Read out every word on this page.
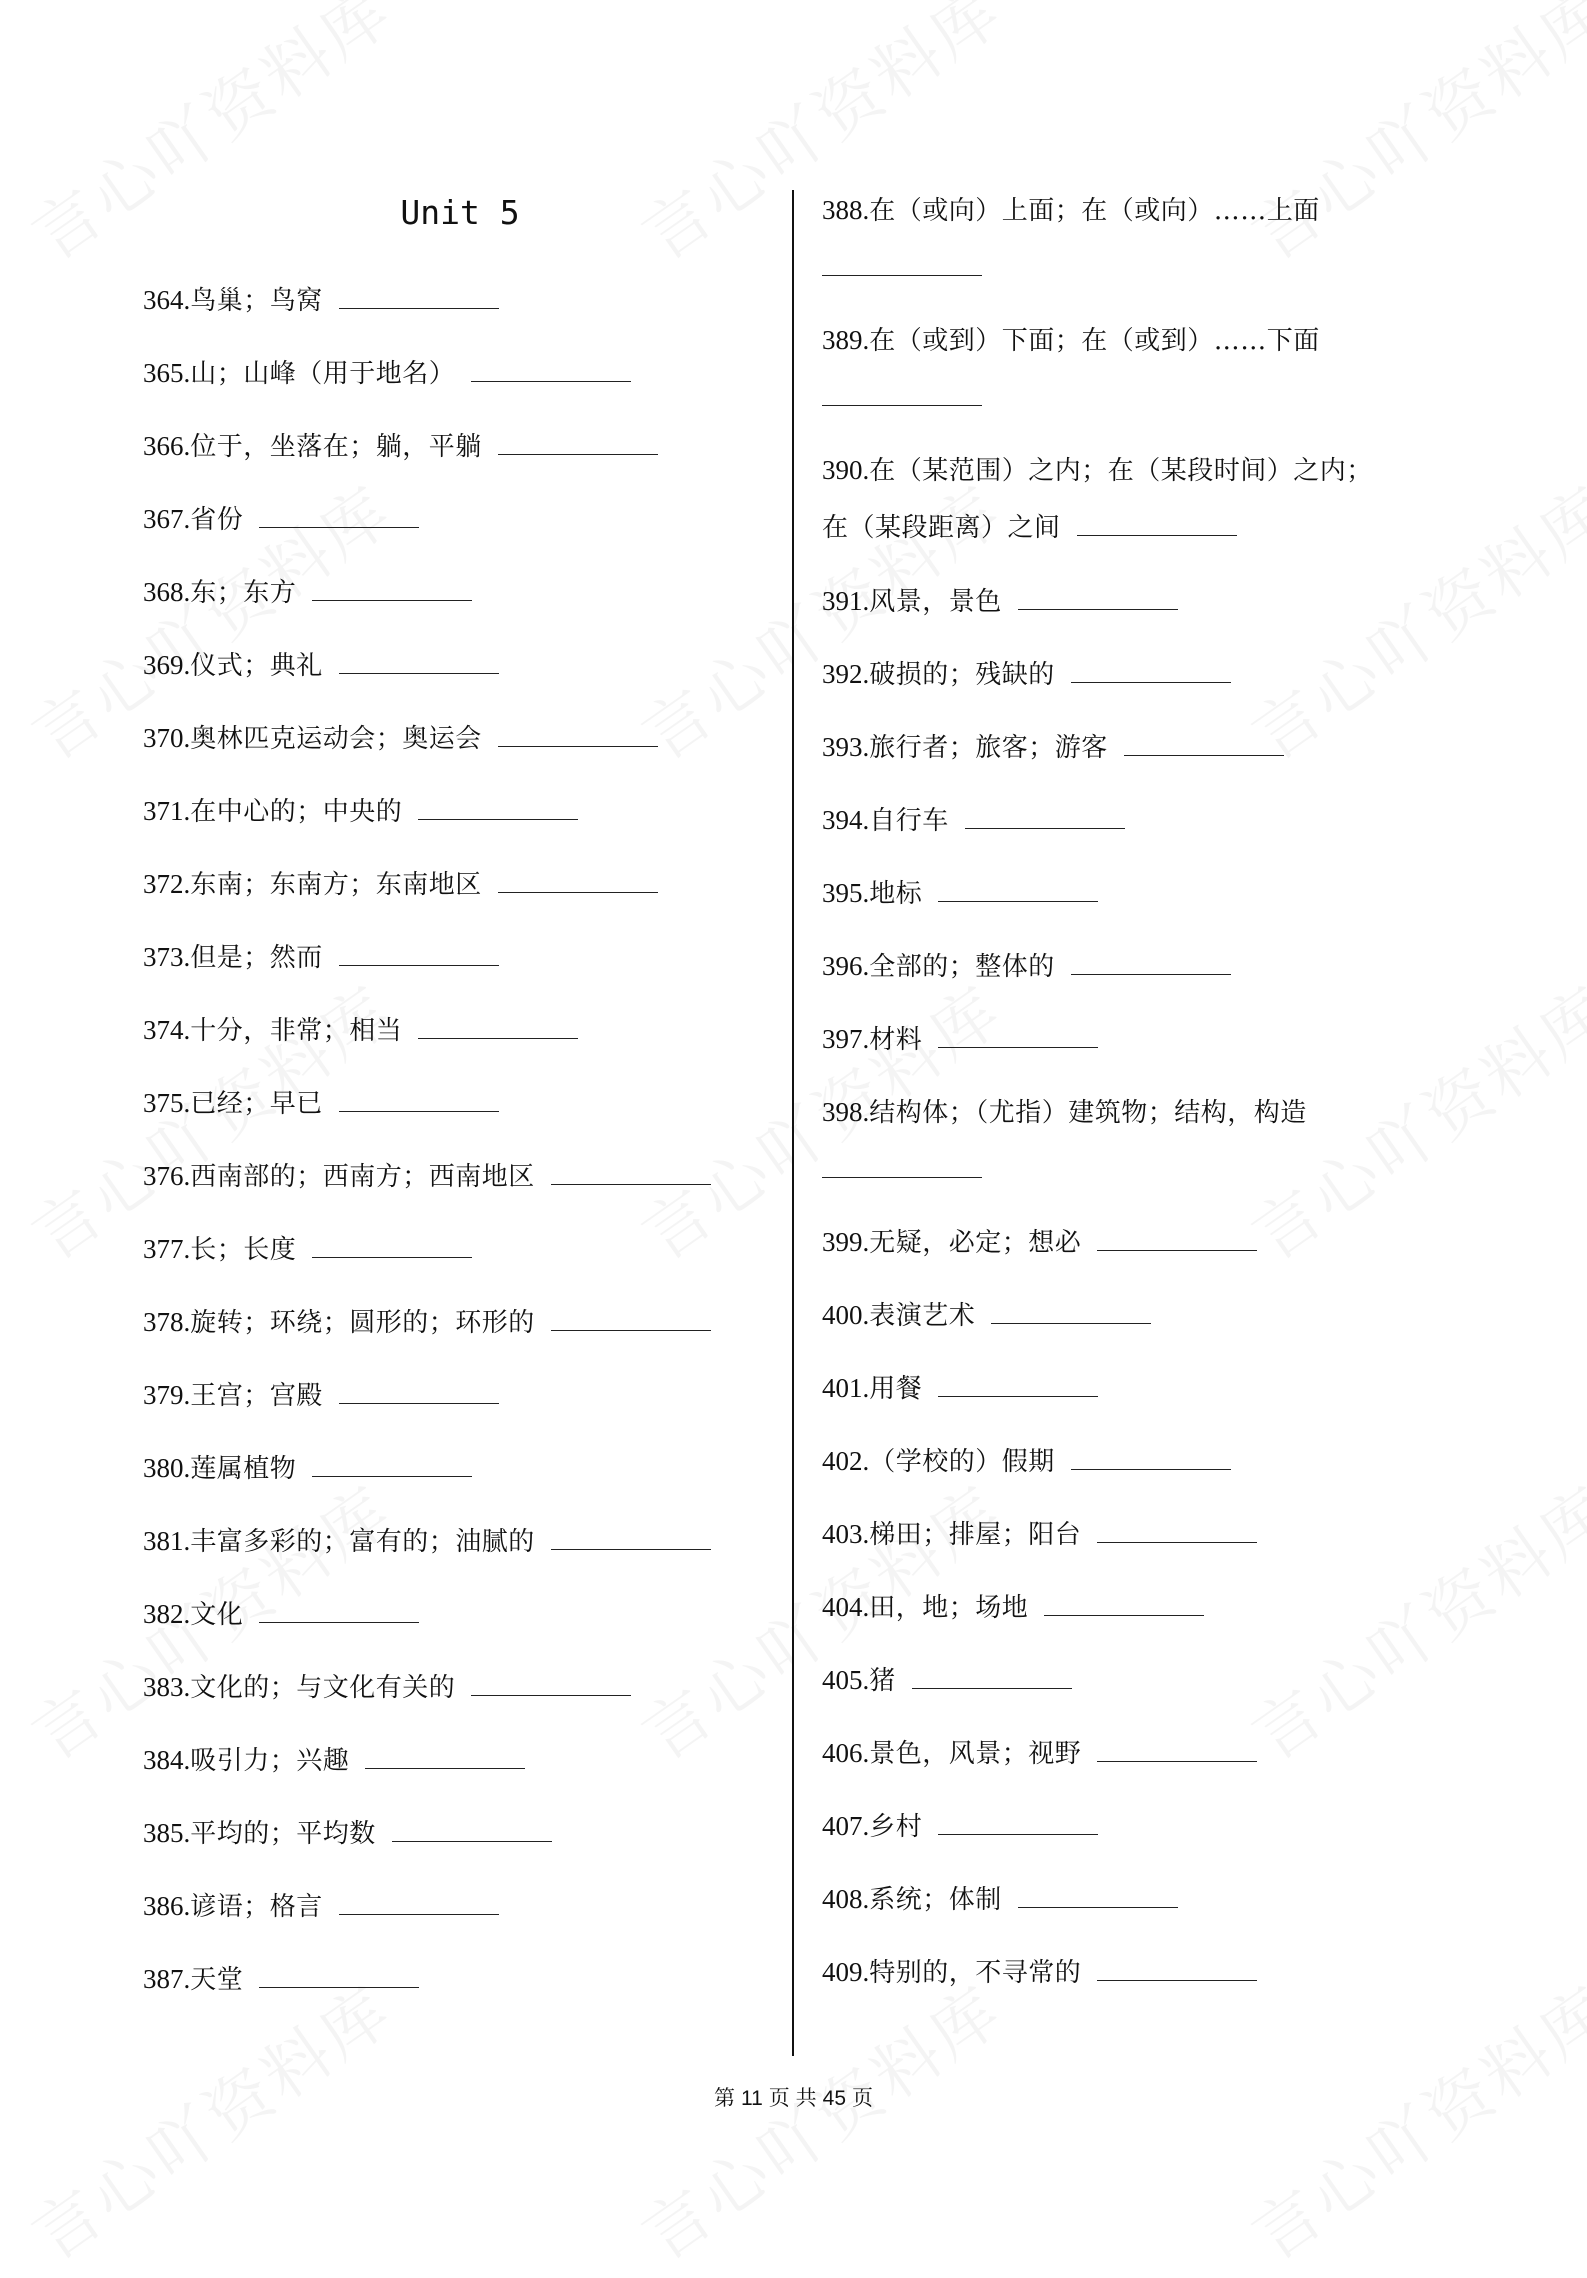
Unit 5
364.鸟巢；鸟窝
365.山；山峰（用于地名）
366.位于，坐落在；躺，平躺
367.省份
368.东；东方
369.仪式；典礼
370.奥林匹克运动会；奥运会
371.在中心的；中央的
372.东南；东南方；东南地区
373.但是；然而
374.十分，非常；相当
375.已经；早已
376.西南部的；西南方；西南地区
377.长；长度
378.旋转；环绕；圆形的；环形的
379.王宫；宫殿
380.莲属植物
381.丰富多彩的；富有的；油腻的
382.文化
383.文化的；与文化有关的
384.吸引力；兴趣
385.平均的；平均数
386.谚语；格言
387.天堂
388.在（或向）上面；在（或向）……上面
389.在（或到）下面；在（或到）……下面
390.在（某范围）之内；在（某段时间）之内；
在（某段距离）之间
391.风景，景色
392.破损的；残缺的
393.旅行者；旅客；游客
394.自行车
395.地标
396.全部的；整体的
397.材料
398.结构体；（尤指）建筑物；结构，构造
399.无疑，必定；想必
400.表演艺术
401.用餐
402.（学校的）假期
403.梯田；排屋；阳台
404.田，地；场地
405.猪
406.景色，风景；视野
407.乡村
408.系统；体制
409.特别的，不寻常的
第 11 页 共 45 页
